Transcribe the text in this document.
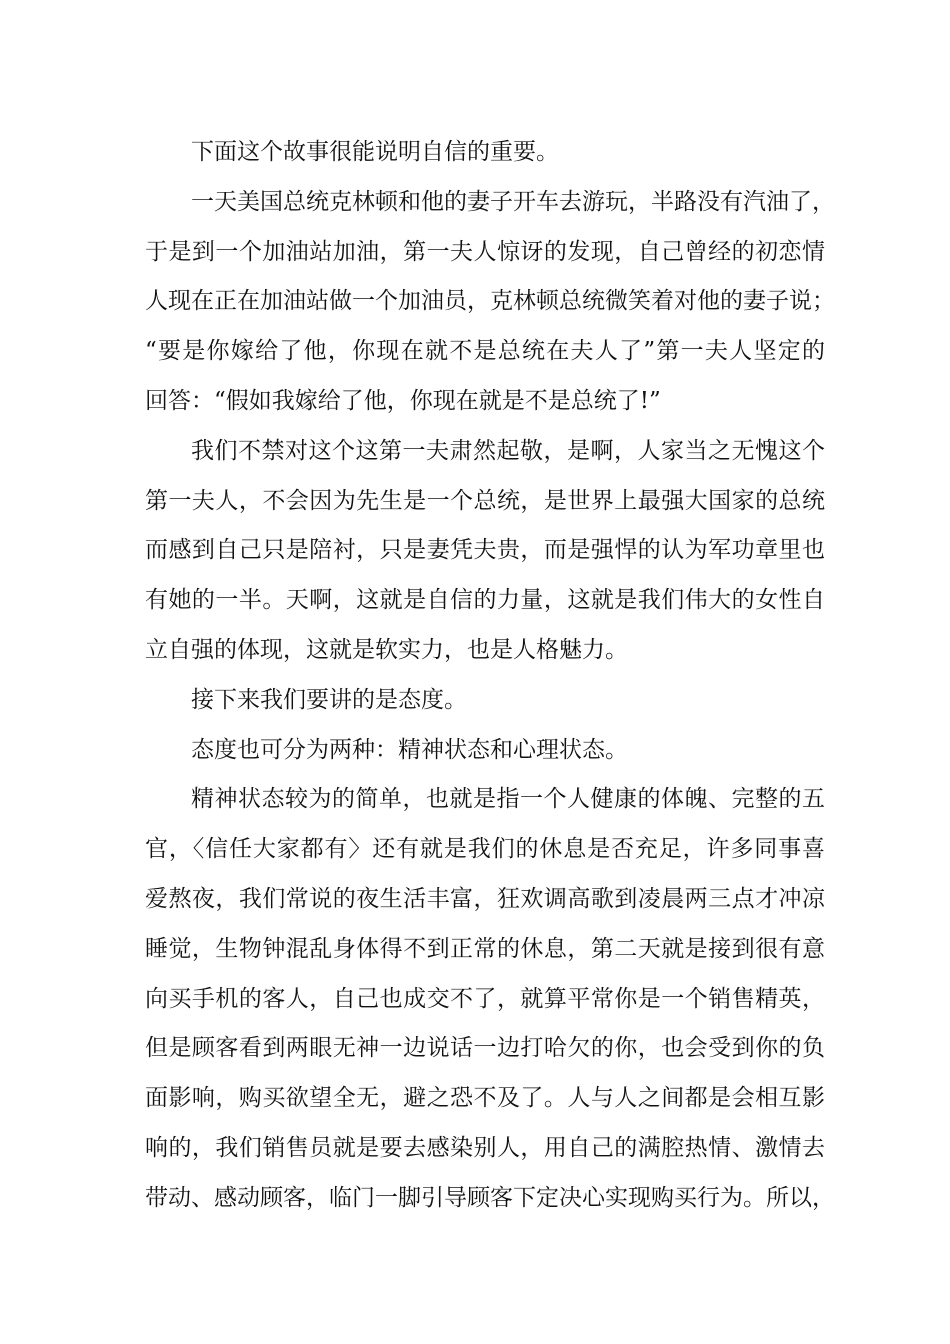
下面这个故事很能说明自信的重要。
一天美国总统克林顿和他的妻子开车去游玩，半路没有汽油了，
于是到一个加油站加油，第一夫人惊讶的发现，自己曾经的初恋情
人现在正在加油站做一个加油员，克林顿总统微笑着对他的妻子说；
“要是你嫁给了他，你现在就不是总统在夫人了”第一夫人坚定的
回答：“假如我嫁给了他，你现在就是不是总统了!”
我们不禁对这个这第一夫肃然起敬，是啊，人家当之无愧这个
第一夫人，不会因为先生是一个总统，是世界上最强大国家的总统
而感到自己只是陪衬，只是妻凭夫贵，而是强悍的认为军功章里也
有她的一半。天啊，这就是自信的力量，这就是我们伟大的女性自
立自强的体现，这就是软实力，也是人格魅力。
接下来我们要讲的是态度。
态度也可分为两种：精神状态和心理状态。
精神状态较为的简单，也就是指一个人健康的体魄、完整的五
官，〈信任大家都有〉还有就是我们的休息是否充足，许多同事喜
爱熬夜，我们常说的夜生活丰富，狂欢调高歌到凌晨两三点才冲凉
睡觉，生物钟混乱身体得不到正常的休息，第二天就是接到很有意
向买手机的客人，自己也成交不了，就算平常你是一个销售精英，
但是顾客看到两眼无神一边说话一边打哈欠的你，也会受到你的负
面影响，购买欲望全无，避之恐不及了。人与人之间都是会相互影
响的，我们销售员就是要去感染别人，用自己的满腔热情、激情去
带动、感动顾客，临门一脚引导顾客下定决心实现购买行为。所以，
